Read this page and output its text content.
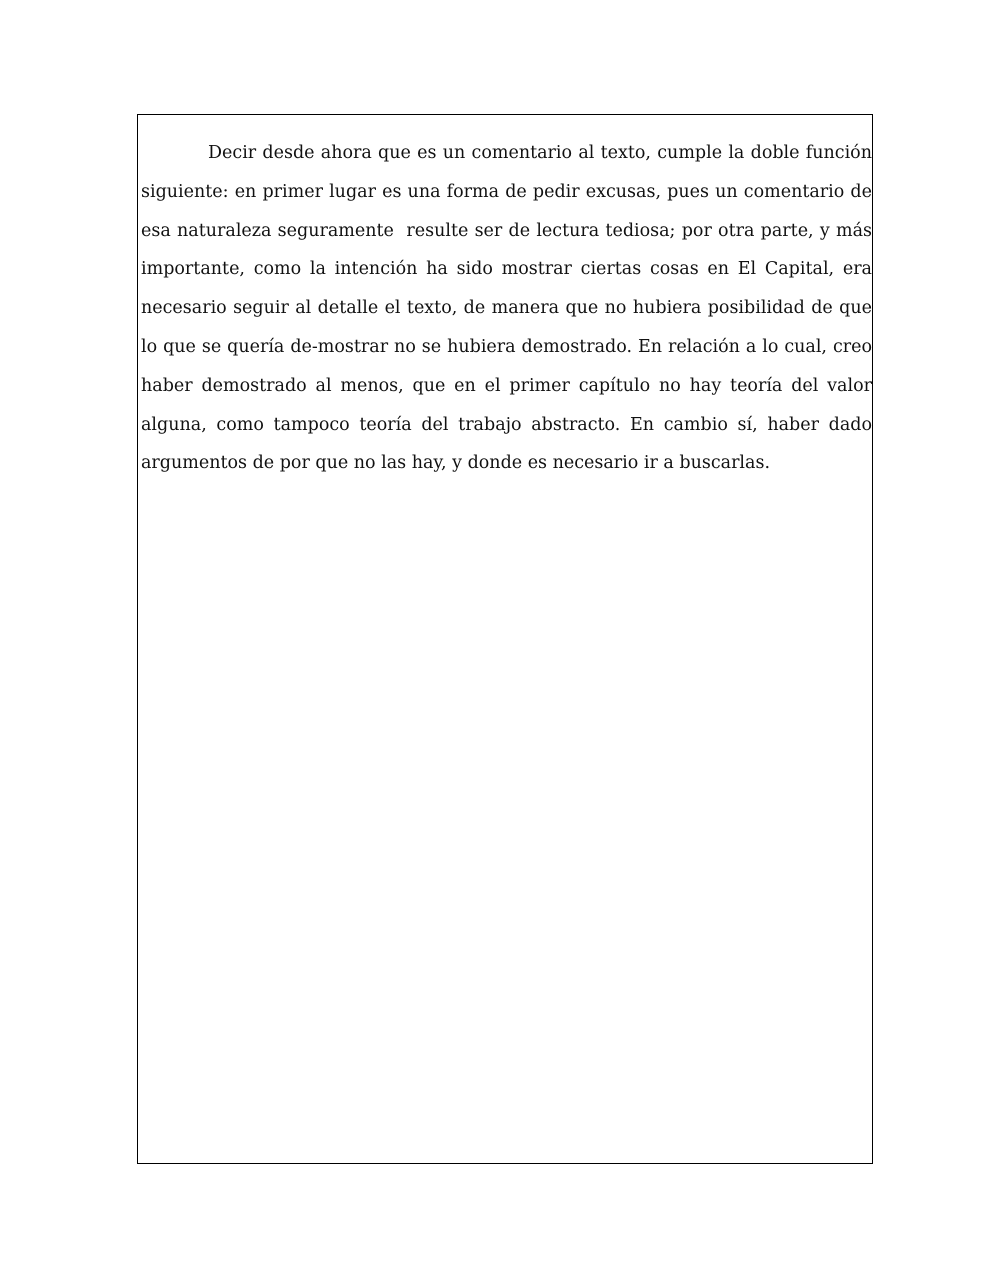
Decir desde ahora que es un comentario al texto, cumple la doble función siguiente: en primer lugar es una forma de pedir excusas, pues un comentario de esa naturaleza seguramente  resulte ser de lectura tediosa; por otra parte, y más importante, como la intención ha sido mostrar ciertas cosas en El Capital, era necesario seguir al detalle el texto, de manera que no hubiera posibilidad de que lo que se quería de-mostrar no se hubiera demostrado. En relación a lo cual, creo haber demostrado al menos, que en el primer capítulo no hay teoría del valor alguna, como tampoco teoría del trabajo abstracto. En cambio sí, haber dado argumentos de por que no las hay, y donde es necesario ir a buscarlas.
